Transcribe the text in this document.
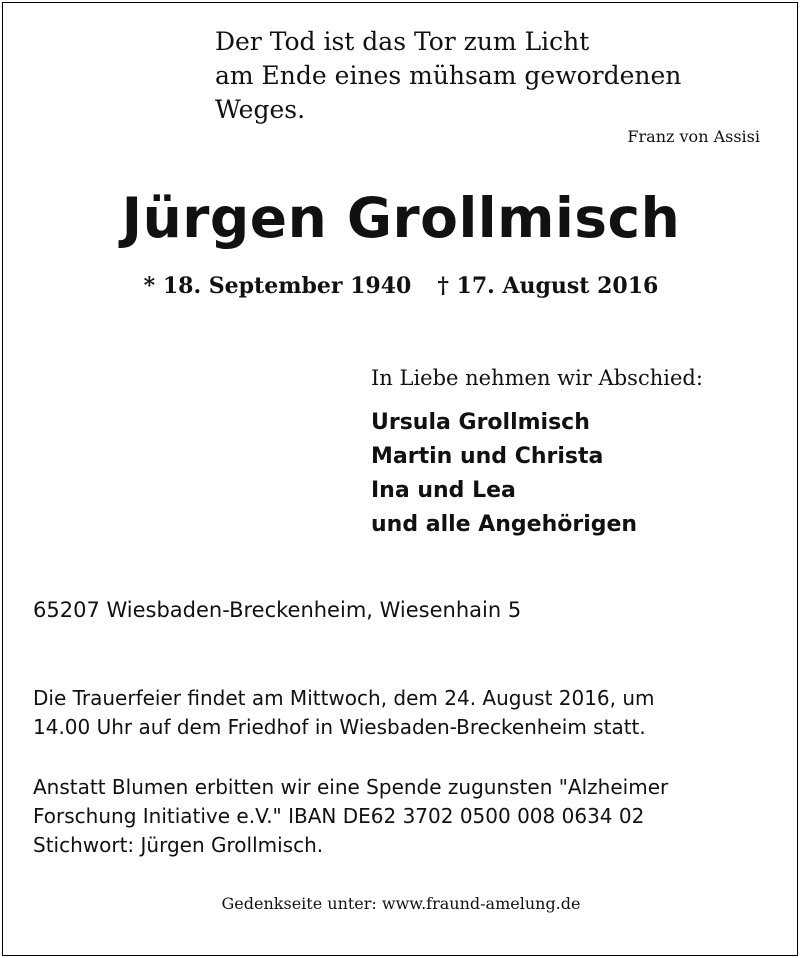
Der Tod ist das Tor zum Licht
am Ende eines mühsam gewordenen Weges.
Franz von Assisi
Jürgen Grollmisch
* 18. September 1940 † 17. August 2016
In Liebe nehmen wir Abschied:
Ursula Grollmisch
Martin und Christa
Ina und Lea
und alle Angehörigen
65207 Wiesbaden-Breckenheim, Wiesenhain 5
Die Trauerfeier findet am Mittwoch, dem 24. August 2016, um
14.00 Uhr auf dem Friedhof in Wiesbaden-Breckenheim statt.
Anstatt Blumen erbitten wir eine Spende zugunsten "Alzheimer
Forschung Initiative e.V." IBAN DE62 3702 0500 008 0634 02
Stichwort: Jürgen Grollmisch.
Gedenkseite unter: www.fraund-amelung.de
